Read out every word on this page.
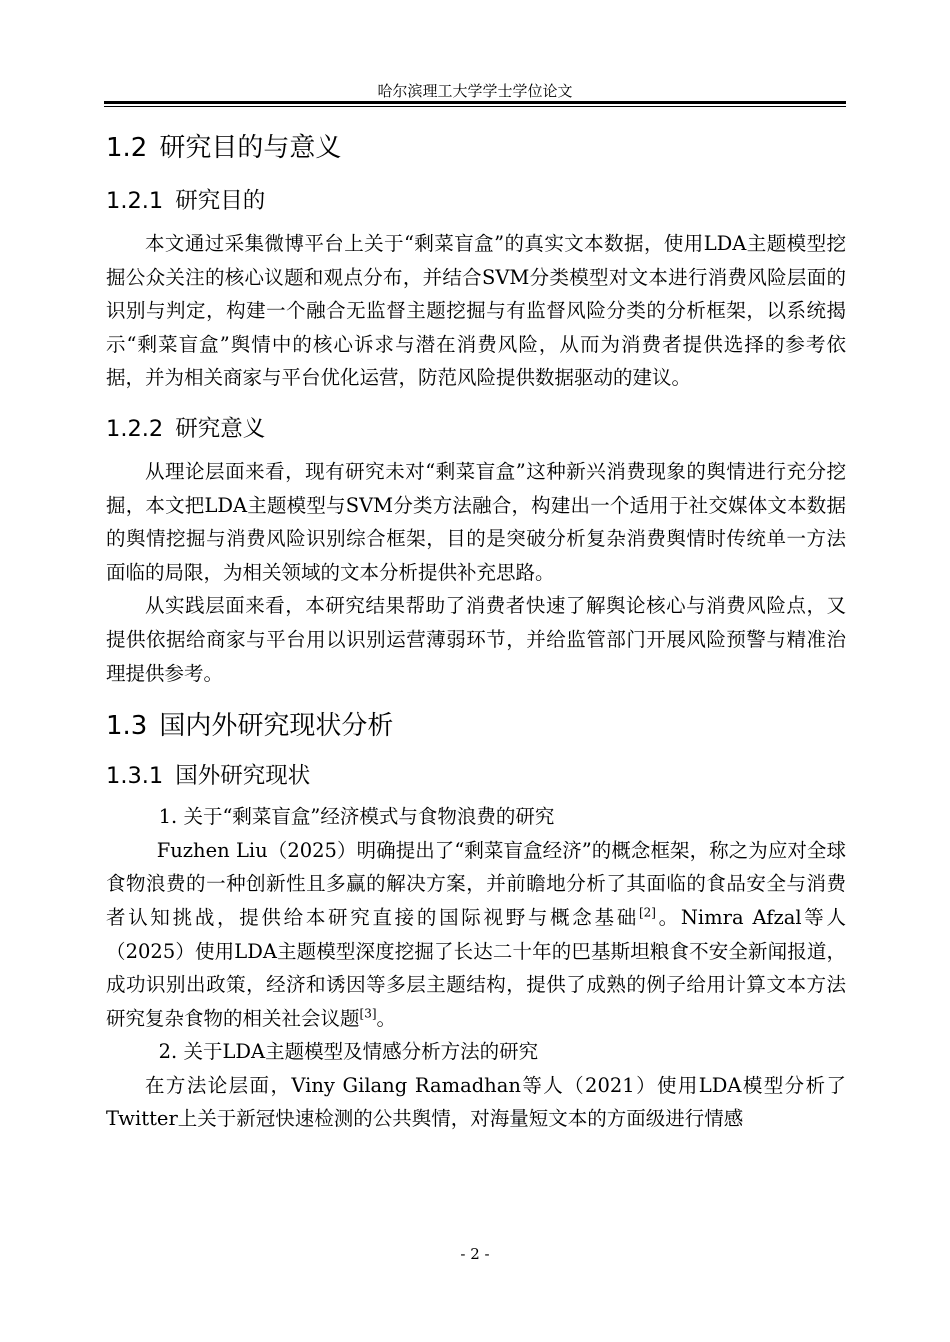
哈尔滨理工大学学士学位论文
1.2 研究目的与意义
1.2.1 研究目的

本文通过采集微博平台上关于“剩菜盲盒”的真实文本数据，使用LDA主题模型挖掘公众关注的核心议题和观点分布，并结合SVM分类模型对文本进行消费风险层面的识别与判定，构建一个融合无监督主题挖掘与有监督风险分类的分析框架，以系统揭示“剩菜盲盒”舆情中的核心诉求与潜在消费风险，从而为消费者提供选择的参考依据，并为相关商家与平台优化运营，防范风险提供数据驱动的建议。

1.2.2 研究意义

从理论层面来看，现有研究未对“剩菜盲盒”这种新兴消费现象的舆情进行充分挖掘，本文把LDA主题模型与SVM分类方法融合，构建出一个适用于社交媒体文本数据的舆情挖掘与消费风险识别综合框架，目的是突破分析复杂消费舆情时传统单一方法面临的局限，为相关领域的文本分析提供补充思路。

从实践层面来看，本研究结果帮助了消费者快速了解舆论核心与消费风险点，又提供依据给商家与平台用以识别运营薄弱环节，并给监管部门开展风险预警与精准治理提供参考。

1.3 国内外研究现状分析
1.3.1 国外研究现状

1. 关于“剩菜盲盒”经济模式与食物浪费的研究

Fuzhen Liu（2025）明确提出了“剩菜盲盒经济”的概念框架，称之为应对全球食物浪费的一种创新性且多赢的解决方案，并前瞻地分析了其面临的食品安全与消费者认知挑战，提供给本研究直接的国际视野与概念基础[2]。Nimra Afzal等人（2025）使用LDA主题模型深度挖掘了长达二十年的巴基斯坦粮食不安全新闻报道，成功识别出政策，经济和诱因等多层主题结构，提供了成熟的例子给用计算文本方法研究复杂食物的相关社会议题[3]。

2. 关于LDA主题模型及情感分析方法的研究

在方法论层面，Viny Gilang Ramadhan等人（2021）使用LDA模型分析了Twitter上关于新冠快速检测的公共舆情，对海量短文本的方面级进行情感

- 2 -
